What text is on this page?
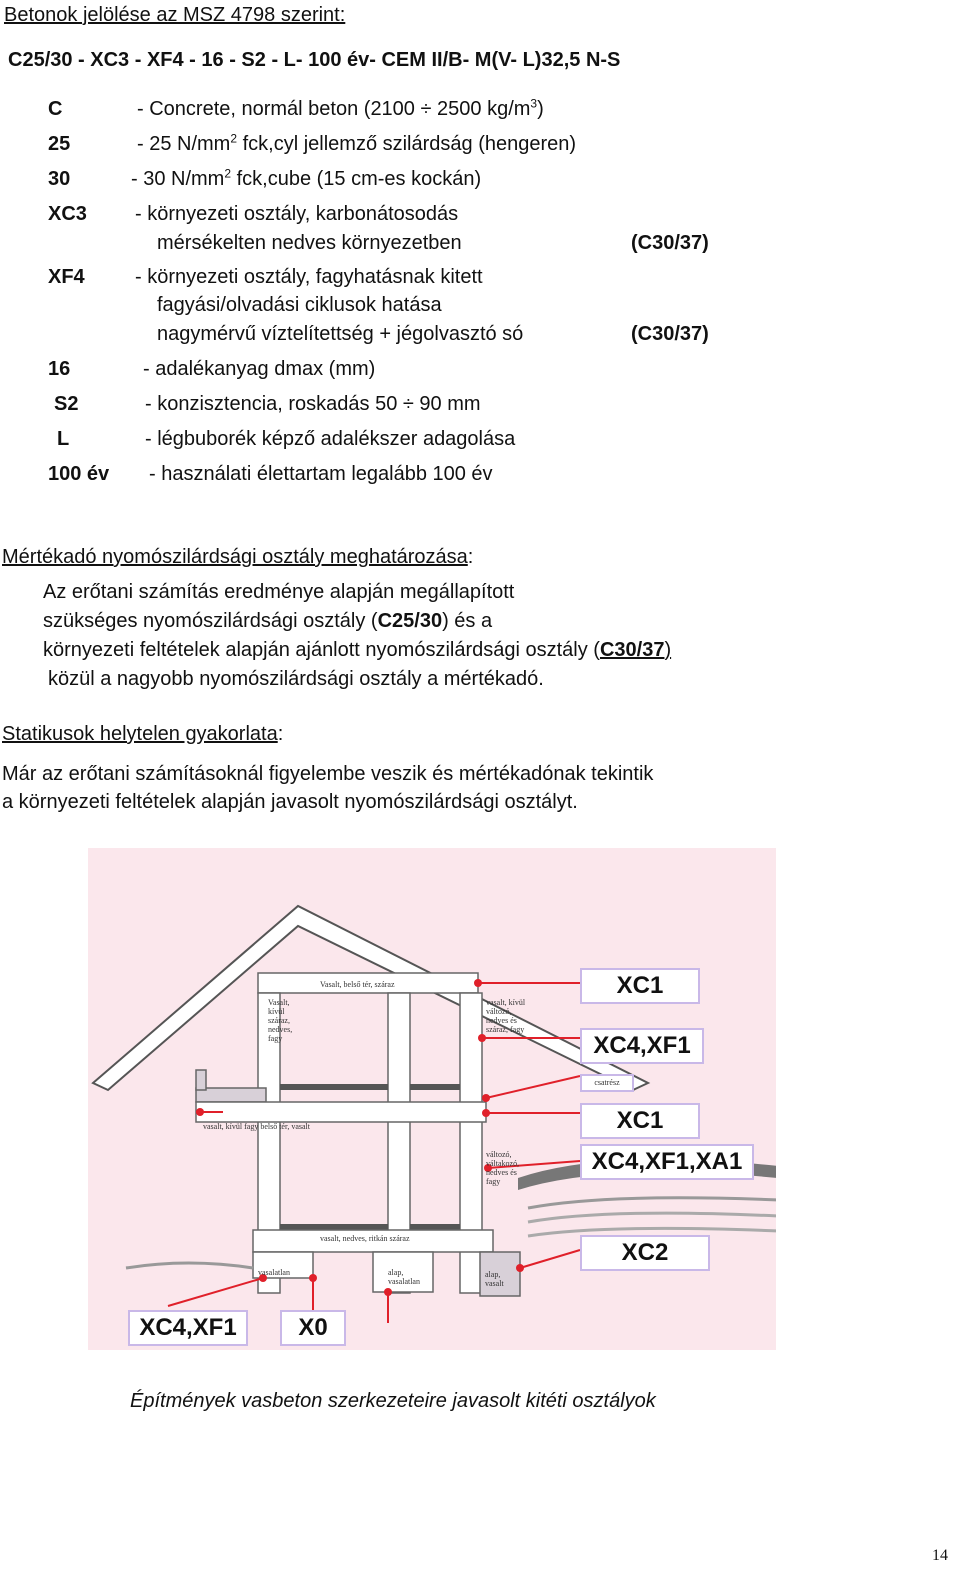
Betonok jelölése az MSZ 4798 szerint:
C25/30 - XC3 - XF4 - 16 - S2 - L- 100 év- CEM II/B- M(V- L)32,5 N-S
C	- Concrete, normál beton (2100 ÷ 2500 $kg/m^3$)
25	- 25 $N/mm^2$ fck,cyl jellemző szilárdság (hengeren)
30	- 30 $N/mm^2$ fck,cube (15 cm-es kockán)
XC3 - környezeti osztály, karbonátosodás
mérsékelten nedves környezetben	(C30/37)
XF4	- környezeti osztály, fagyhatásnak kitett
fagyási/olvadási ciklusok hatása
nagymérvű víztelítettség + jégolvasztó só	(C30/37)
16	- adalékanyag dmax (mm)
S2	- konzisztencia, roskadás 50 ÷ 90 mm
L	- légbuborék képző adalékszer adagolása
100 év - használati élettartam legalább 100 év
Mértékadó nyomószilárdsági osztály meghatározása:
Az erőtani számítás eredménye alapján megállapított
szükséges nyomószilárdsági osztály (C25/30) és a
környezeti feltételek alapján ajánlott nyomószilárdsági osztály (C30/37)
közül a nagyobb nyomószilárdsági osztály a mértékadó.
Statikusok helytelen gyakorlata:
Már az erőtani számításoknál figyelembe veszik és mértékadónak tekintik
a környezeti feltételek alapján javasolt nyomószilárdsági osztályt.
Vasalt, belső tér, száraz
Vasalt, kívül száraz, nedves, fagy
vasalt, kívül változó, nedves és száraz, fagy
vasalt, kívül fagy belső tér, vasalt
változó, váltakozó, nedves és fagy
vasalt, nedves, ritkán száraz
vasalatlan	alap, vasalatlan
alap, vasalt
XC1
XC4,XF1
csatrész
XC1
XC4,XF1,XA1
XC2
XC4,XF1	X0
Építmények vasbeton szerkezeteire javasolt kitéti osztályok
14
